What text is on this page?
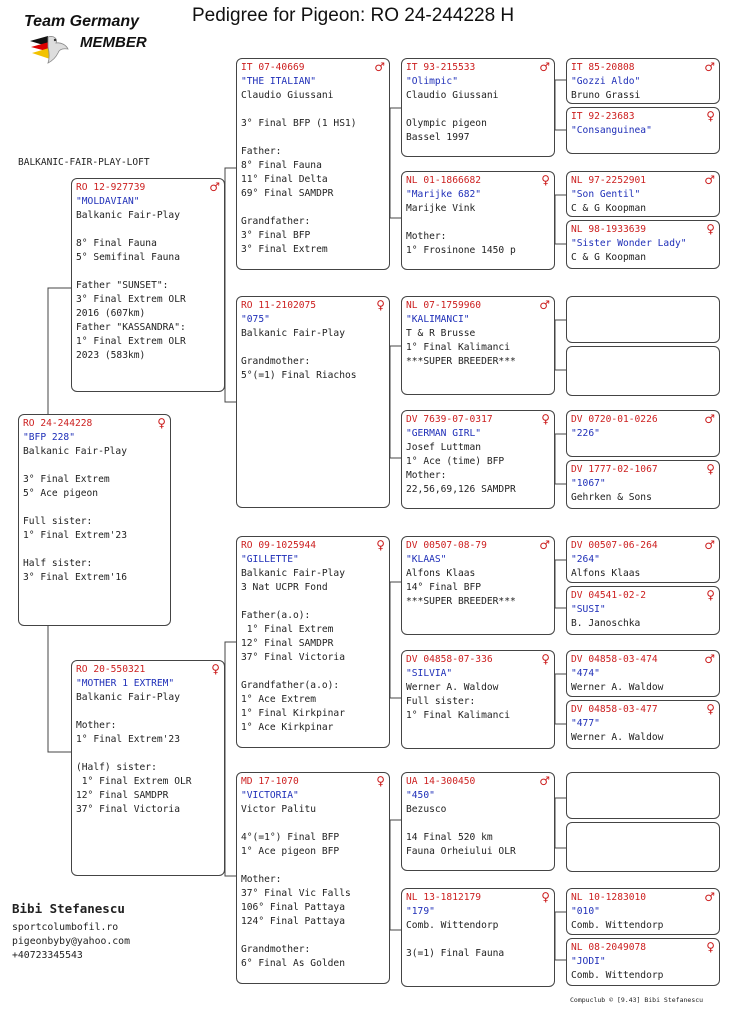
Pedigree for Pigeon: RO 24-244228 H
Team Germany
MEMBER
BALKANIC-FAIR-PLAY-LOFT
RO 24-244228	♀
"BFP 228"
Balkanic Fair-Play

3° Final Extrem
5° Ace pigeon

Full sister:
1° Final Extrem'23

Half sister:
3° Final Extrem'16
RO 12-927739	♂
"MOLDAVIAN"
Balkanic Fair-Play

8° Final Fauna
5° Semifinal Fauna

Father "SUNSET":
3° Final Extrem OLR
2016 (607km)
Father "KASSANDRA":
1° Final Extrem OLR
2023 (583km)
RO 20-550321	♀
"MOTHER 1 EXTREM"
Balkanic Fair-Play

Mother:
1° Final Extrem'23

(Half) sister:
1° Final Extrem OLR
12° Final SAMDPR
37° Final Victoria
IT 07-40669	♂
"THE ITALIAN"
Claudio Giussani

3° Final BFP (1 HS1)

Father:
8° Final Fauna
11° Final Delta
69° Final SAMDPR

Grandfather:
3° Final BFP
3° Final Extrem
RO 11-2102075	♀
"075"
Balkanic Fair-Play

Grandmother:
5°(=1) Final Riachos
RO 09-1025944	♀
"GILLETTE"
Balkanic Fair-Play
3 Nat UCPR Fond

Father(a.o):
1° Final Extrem
12° Final SAMDPR
37° Final Victoria

Grandfather(a.o):
1° Ace Extrem
1° Final Kirkpinar
1° Ace Kirkpinar
MD 17-1070	♀
"VICTORIA"
Victor Palitu

4°(=1°) Final BFP
1° Ace pigeon BFP

Mother:
37° Final Vic Falls
106° Final Pattaya
124° Final Pattaya

Grandmother:
6° Final As Golden
IT 93-215533	♂
"Olimpic"
Claudio Giussani

Olympic pigeon
Bassel 1997
NL 01-1866682	♀
"Marijke 682"
Marijke Vink

Mother:
1° Frosinone 1450 p
NL 07-1759960	♂
"KALIMANCI"
T & R Brusse
1° Final Kalimanci
***SUPER BREEDER***
DV 7639-07-0317	♀
"GERMAN GIRL"
Josef Luttman
1° Ace (time) BFP
Mother:
22,56,69,126 SAMDPR
DV 00507-08-79	♂
"KLAAS"
Alfons Klaas
14° Final BFP
***SUPER BREEDER***
DV 04858-07-336	♀
"SILVIA"
Werner A. Waldow
Full sister:
1° Final Kalimanci
UA 14-300450	♂
"450"
Bezusco

14 Final 520 km
Fauna Orheiului OLR
NL 13-1812179	♀
"179"
Comb. Wittendorp

3(=1) Final Fauna
IT 85-20808	♂
"Gozzi Aldo"
Bruno Grassi
IT 92-23683	♀
"Consanguinea"
NL 97-2252901	♂
"Son Gentil"
C & G Koopman
NL 98-1933639	♀
"Sister Wonder Lady"
C & G Koopman
DV 0720-01-0226	♂
"226"
DV 1777-02-1067	♀
"1067"
Gehrken & Sons
DV 00507-06-264	♂
"264"
Alfons Klaas
DV 04541-02-2	♀
"SUSI"
B. Janoschka
DV 04858-03-474	♂
"474"
Werner A. Waldow
DV 04858-03-477	♀
"477"
Werner A. Waldow
NL 10-1283010	♂
"010"
Comb. Wittendorp
NL 08-2049078	♀
"JODI"
Comb. Wittendorp
Bibi Stefanescu
sportcolumbofil.ro
pigeonbyby@yahoo.com
+40723345543
Compuclub © [9.43] Bibi Stefanescu
